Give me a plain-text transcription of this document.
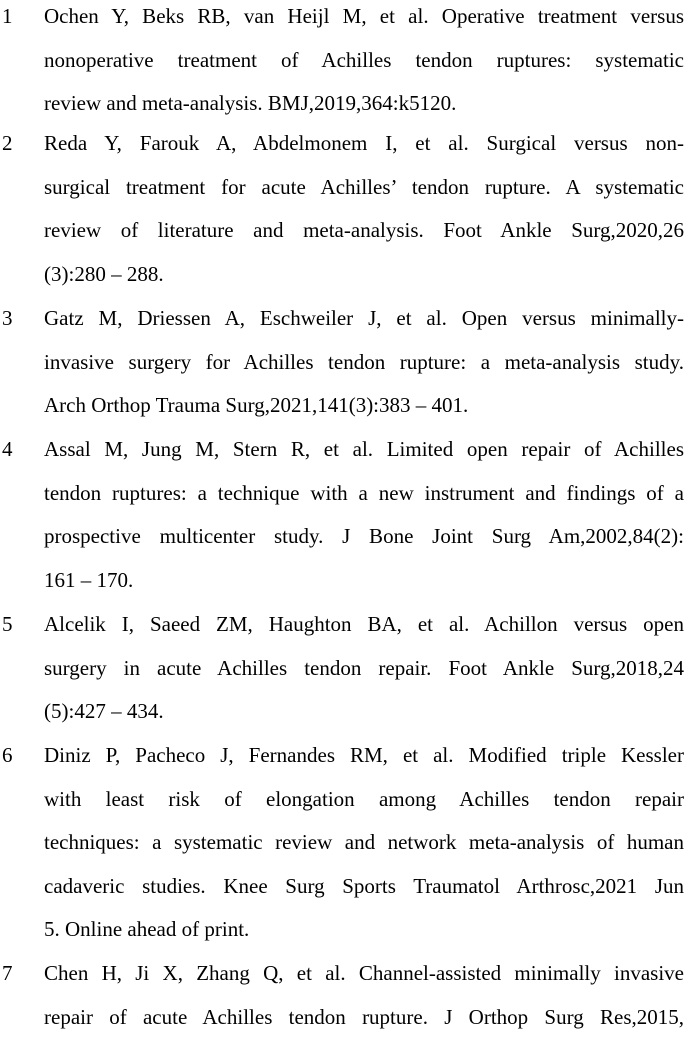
1	Ochen Y, Beks RB, van Heijl M, et al. Operative treatment versus
nonoperative treatment of Achilles tendon ruptures: systematic
review and meta-analysis. BMJ,2019,364:k5120.
2	Reda Y, Farouk A, Abdelmonem I, et al. Surgical versus non-
surgical treatment for acute Achilles’ tendon rupture. A systematic
review of literature and meta-analysis. Foot Ankle Surg,2020,26
(3):280 – 288.
3	Gatz M, Driessen A, Eschweiler J, et al. Open versus minimally-
invasive surgery for Achilles tendon rupture: a meta-analysis study.
Arch Orthop Trauma Surg,2021,141(3):383 – 401.
4	Assal M, Jung M, Stern R, et al. Limited open repair of Achilles
tendon ruptures: a technique with a new instrument and findings of a
prospective multicenter study. J Bone Joint Surg Am,2002,84(2):
161 – 170.
5	Alcelik I, Saeed ZM, Haughton BA, et al. Achillon versus open
surgery in acute Achilles tendon repair. Foot Ankle Surg,2018,24
(5):427 – 434.
6	Diniz P, Pacheco J, Fernandes RM, et al. Modified triple Kessler
with least risk of elongation among Achilles tendon repair
techniques: a systematic review and network meta-analysis of human
cadaveric studies. Knee Surg Sports Traumatol Arthrosc,2021 Jun
5. Online ahead of print.
7	Chen H, Ji X, Zhang Q, et al. Channel-assisted minimally invasive
repair of acute Achilles tendon rupture. J Orthop Surg Res,2015,
